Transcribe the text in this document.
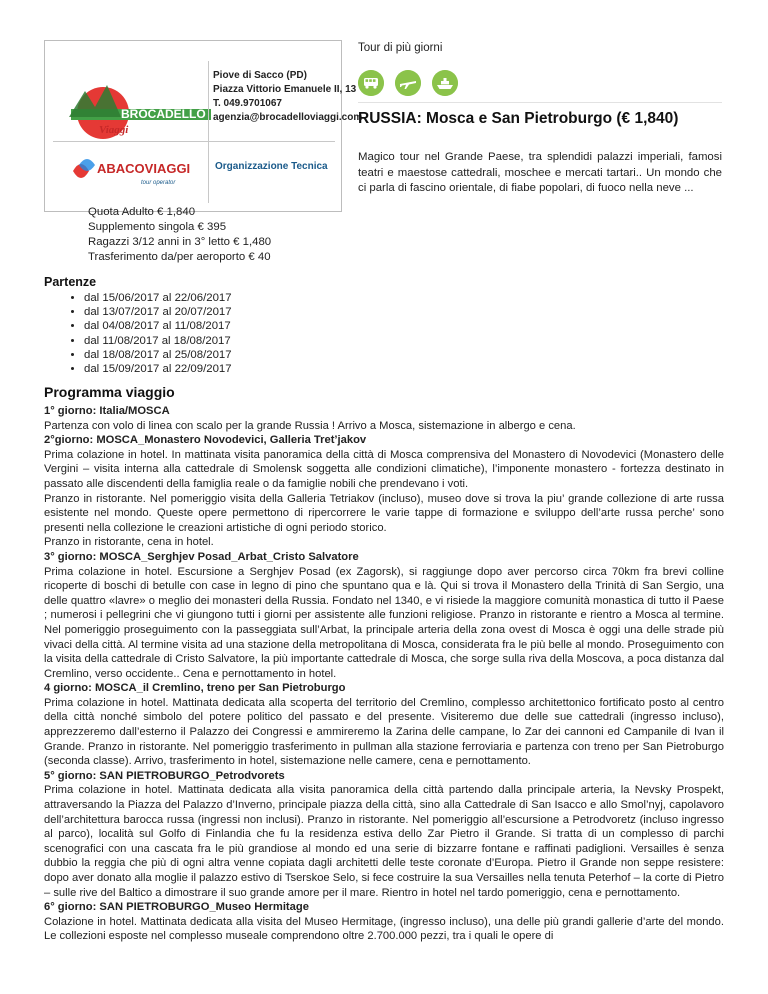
BROCADELLO
Viaggi
Piove di Sacco (PD)
Piazza Vittorio Emanuele II, 13
T. 049.9701067
agenzia@brocadelloviaggi.com
ABACOVIAGGI
tour operator
Organizzazione Tecnica
Tour di più giorni
RUSSIA: Mosca e San Pietroburgo (€ 1,840)
Magico tour nel Grande Paese, tra splendidi palazzi imperiali, famosi teatri e maestose cattedrali, moschee e mercati tartari.. Un mondo che ci parla di fascino orientale, di fiabe popolari, di fuoco nella neve ...
Quota Adulto € 1,840
Supplemento singola € 395
Ragazzi 3/12 anni in 3° letto € 1,480
Trasferimento da/per aeroporto € 40
Partenze
• dal 15/06/2017 al 22/06/2017
• dal 13/07/2017 al 20/07/2017
• dal 04/08/2017 al 11/08/2017
• dal 11/08/2017 al 18/08/2017
• dal 18/08/2017 al 25/08/2017
• dal 15/09/2017 al 22/09/2017
Programma viaggio
1° giorno: Italia/MOSCA

Partenza con volo di linea con scalo per la grande Russia ! Arrivo a Mosca, sistemazione in albergo e cena.

2°giorno: MOSCA_Monastero Novodevici, Galleria Tret’jakov

Prima colazione in hotel. In mattinata visita panoramica della città di Mosca comprensiva del Monastero di Novodevici (Monastero delle Vergini – visita interna alla cattedrale di Smolensk soggetta alle condizioni climatiche), l’imponente monastero - fortezza destinato in passato alle discendenti della famiglia reale o da famiglie nobili che prendevano i voti.

Pranzo in ristorante. Nel pomeriggio visita della Galleria Tetriakov (incluso), museo dove si trova la piu’ grande collezione di arte russa esistente nel mondo. Queste opere permettono di ripercorrere le varie tappe di formazione e sviluppo dell’arte russa perche’ sono presenti nella collezione le creazioni artistiche di ogni periodo storico.

Pranzo in ristorante, cena in hotel.

3° giorno: MOSCA_Serghjev Posad_Arbat_Cristo Salvatore

Prima colazione in hotel. Escursione a Serghjev Posad (ex Zagorsk), si raggiunge dopo aver percorso circa 70km fra brevi colline ricoperte di boschi di betulle con case in legno di pino che spuntano qua e là. Qui si trova il Monastero della Trinità di San Sergio, una delle quattro «lavre» o meglio dei monasteri della Russia. Fondato nel 1340, e vi risiede la maggiore comunità monastica di tutto il Paese ; numerosi i pellegrini che vi giungono tutti i giorni per assistente alle funzioni religiose. Pranzo in ristorante e rientro a Mosca al termine. Nel pomeriggio proseguimento con la passeggiata sull’Arbat, la principale arteria della zona ovest di Mosca è oggi una delle strade più vivaci della città. Al termine visita ad una stazione della metropolitana di Mosca, considerata fra le più belle al mondo. Proseguimento con la visita della cattedrale di Cristo Salvatore, la più importante cattedrale di Mosca, che sorge sulla riva della Moscova, a poca distanza dal Cremlino, verso occidente.. Cena e pernottamento in hotel.

4 giorno: MOSCA_il Cremlino, treno per San Pietroburgo

Prima colazione in hotel. Mattinata dedicata alla scoperta del territorio del Cremlino, complesso architettonico fortificato posto al centro della città nonché simbolo del potere politico del passato e del presente. Visiteremo due delle sue cattedrali (ingresso incluso), apprezzeremo dall’esterno il Palazzo dei Congressi e ammireremo la Zarina delle campane, lo Zar dei cannoni ed Campanile di Ivan il Grande. Pranzo in ristorante. Nel pomeriggio trasferimento in pullman alla stazione ferroviaria e partenza con treno per San Pietroburgo (seconda classe). Arrivo, trasferimento in hotel, sistemazione nelle camere, cena e pernottamento.

5° giorno: SAN PIETROBURGO_Petrodvorets

Prima colazione in hotel. Mattinata dedicata alla visita panoramica della città partendo dalla principale arteria, la Nevsky Prospekt, attraversando la Piazza del Palazzo d’Inverno, principale piazza della città, sino alla Cattedrale di San Isacco e allo Smol’nyj, capolavoro dell’architettura barocca russa (ingressi non inclusi). Pranzo in ristorante. Nel pomeriggio all’escursione a Petrodvoretz (incluso ingresso al parco), località sul Golfo di Finlandia che fu la residenza estiva dello Zar Pietro il Grande. Si tratta di un complesso di parchi scenografici con una cascata fra le più grandiose al mondo ed una serie di bizzarre fontane e raffinati padiglioni. Versailles è senza dubbio la reggia che più di ogni altra venne copiata dagli architetti delle teste coronate d’Europa. Pietro il Grande non seppe resistere: dopo aver donato alla moglie il palazzo estivo di Tserskoe Selo, si fece costruire la sua Versailles nella tenuta Peterhof – la corte di Pietro – sulle rive del Baltico a dimostrare il suo grande amore per il mare. Rientro in hotel nel tardo pomeriggio, cena e pernottamento.

6° giorno: SAN PIETROBURGO_Museo Hermitage

Colazione in hotel. Mattinata dedicata alla visita del Museo Hermitage, (ingresso incluso), una delle più grandi gallerie d’arte del mondo. Le collezioni esposte nel complesso museale comprendono oltre 2.700.000 pezzi, tra i quali le opere di
